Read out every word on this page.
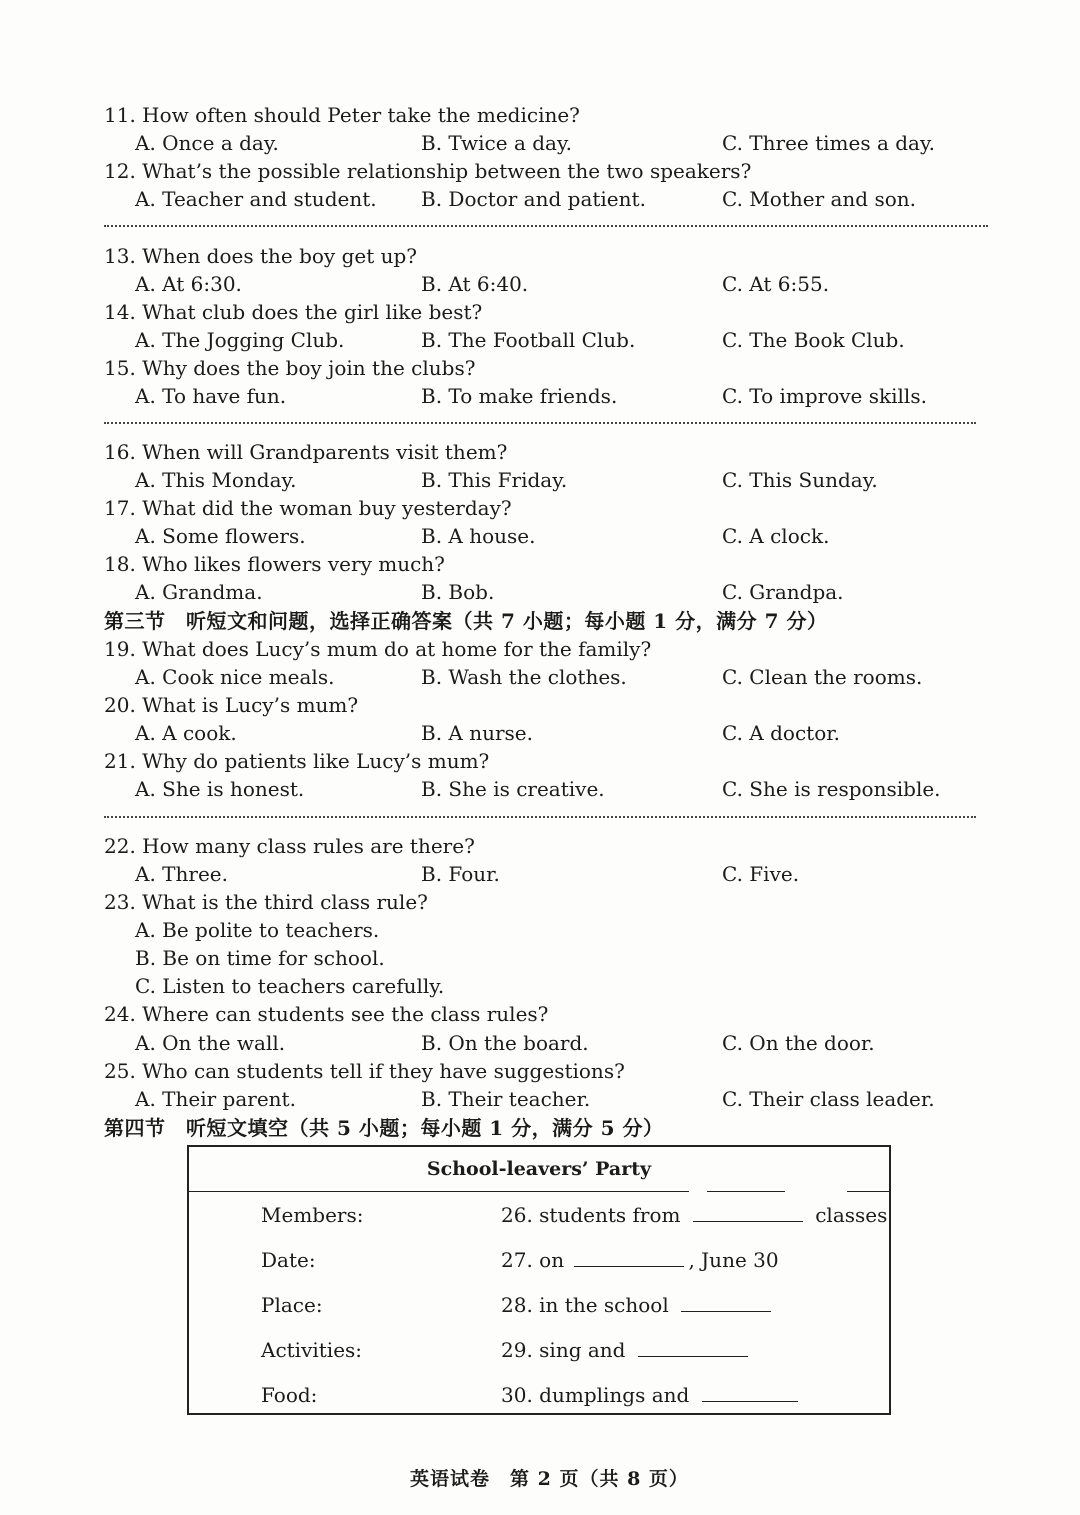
11. How often should Peter take the medicine?
A. Once a day.	B. Twice a day.	C. Three times a day.
12. What’s the possible relationship between the two speakers?
A. Teacher and student. B. Doctor and patient.	C. Mother and son.
13. When does the boy get up?
A. At 6:30.	B. At 6:40.	C. At 6:55.
14. What club does the girl like best?
A. The Jogging Club.	B. The Football Club.	C. The Book Club.
15. Why does the boy join the clubs?
A. To have fun.	B. To make friends.	C. To improve skills.
16. When will Grandparents visit them?
A. This Monday.	B. This Friday.	C. This Sunday.
17. What did the woman buy yesterday?
A. Some flowers.	B. A house.	C. A clock.
18. Who likes flowers very much?
A. Grandma.	B. Bob.	C. Grandpa.
第三节　听短文和问题，选择正确答案（共 7 小题；每小题 1 分，满分 7 分）
19. What does Lucy’s mum do at home for the family?
A. Cook nice meals.	B. Wash the clothes.	C. Clean the rooms.
20. What is Lucy’s mum?
A. A cook.	B. A nurse.	C. A doctor.
21. Why do patients like Lucy’s mum?
A. She is honest.	B. She is creative.	C. She is responsible.
22. How many class rules are there?
A. Three.	B. Four.	C. Five.
23. What is the third class rule?
A. Be polite to teachers.
B. Be on time for school.
C. Listen to teachers carefully.
24. Where can students see the class rules?
A. On the wall.	B. On the board.	C. On the door.
25. Who can students tell if they have suggestions?
A. Their parent.	B. Their teacher.	C. Their class leader.
第四节　听短文填空（共 5 小题；每小题 1 分，满分 5 分）
School-leavers’ Party
Members:	26. students from	classes
Date:	27. on	, June 30
Place:	28. in the school
Activities:	29. sing and
Food:	30. dumplings and
英语试卷　第 2 页（共 8 页）
